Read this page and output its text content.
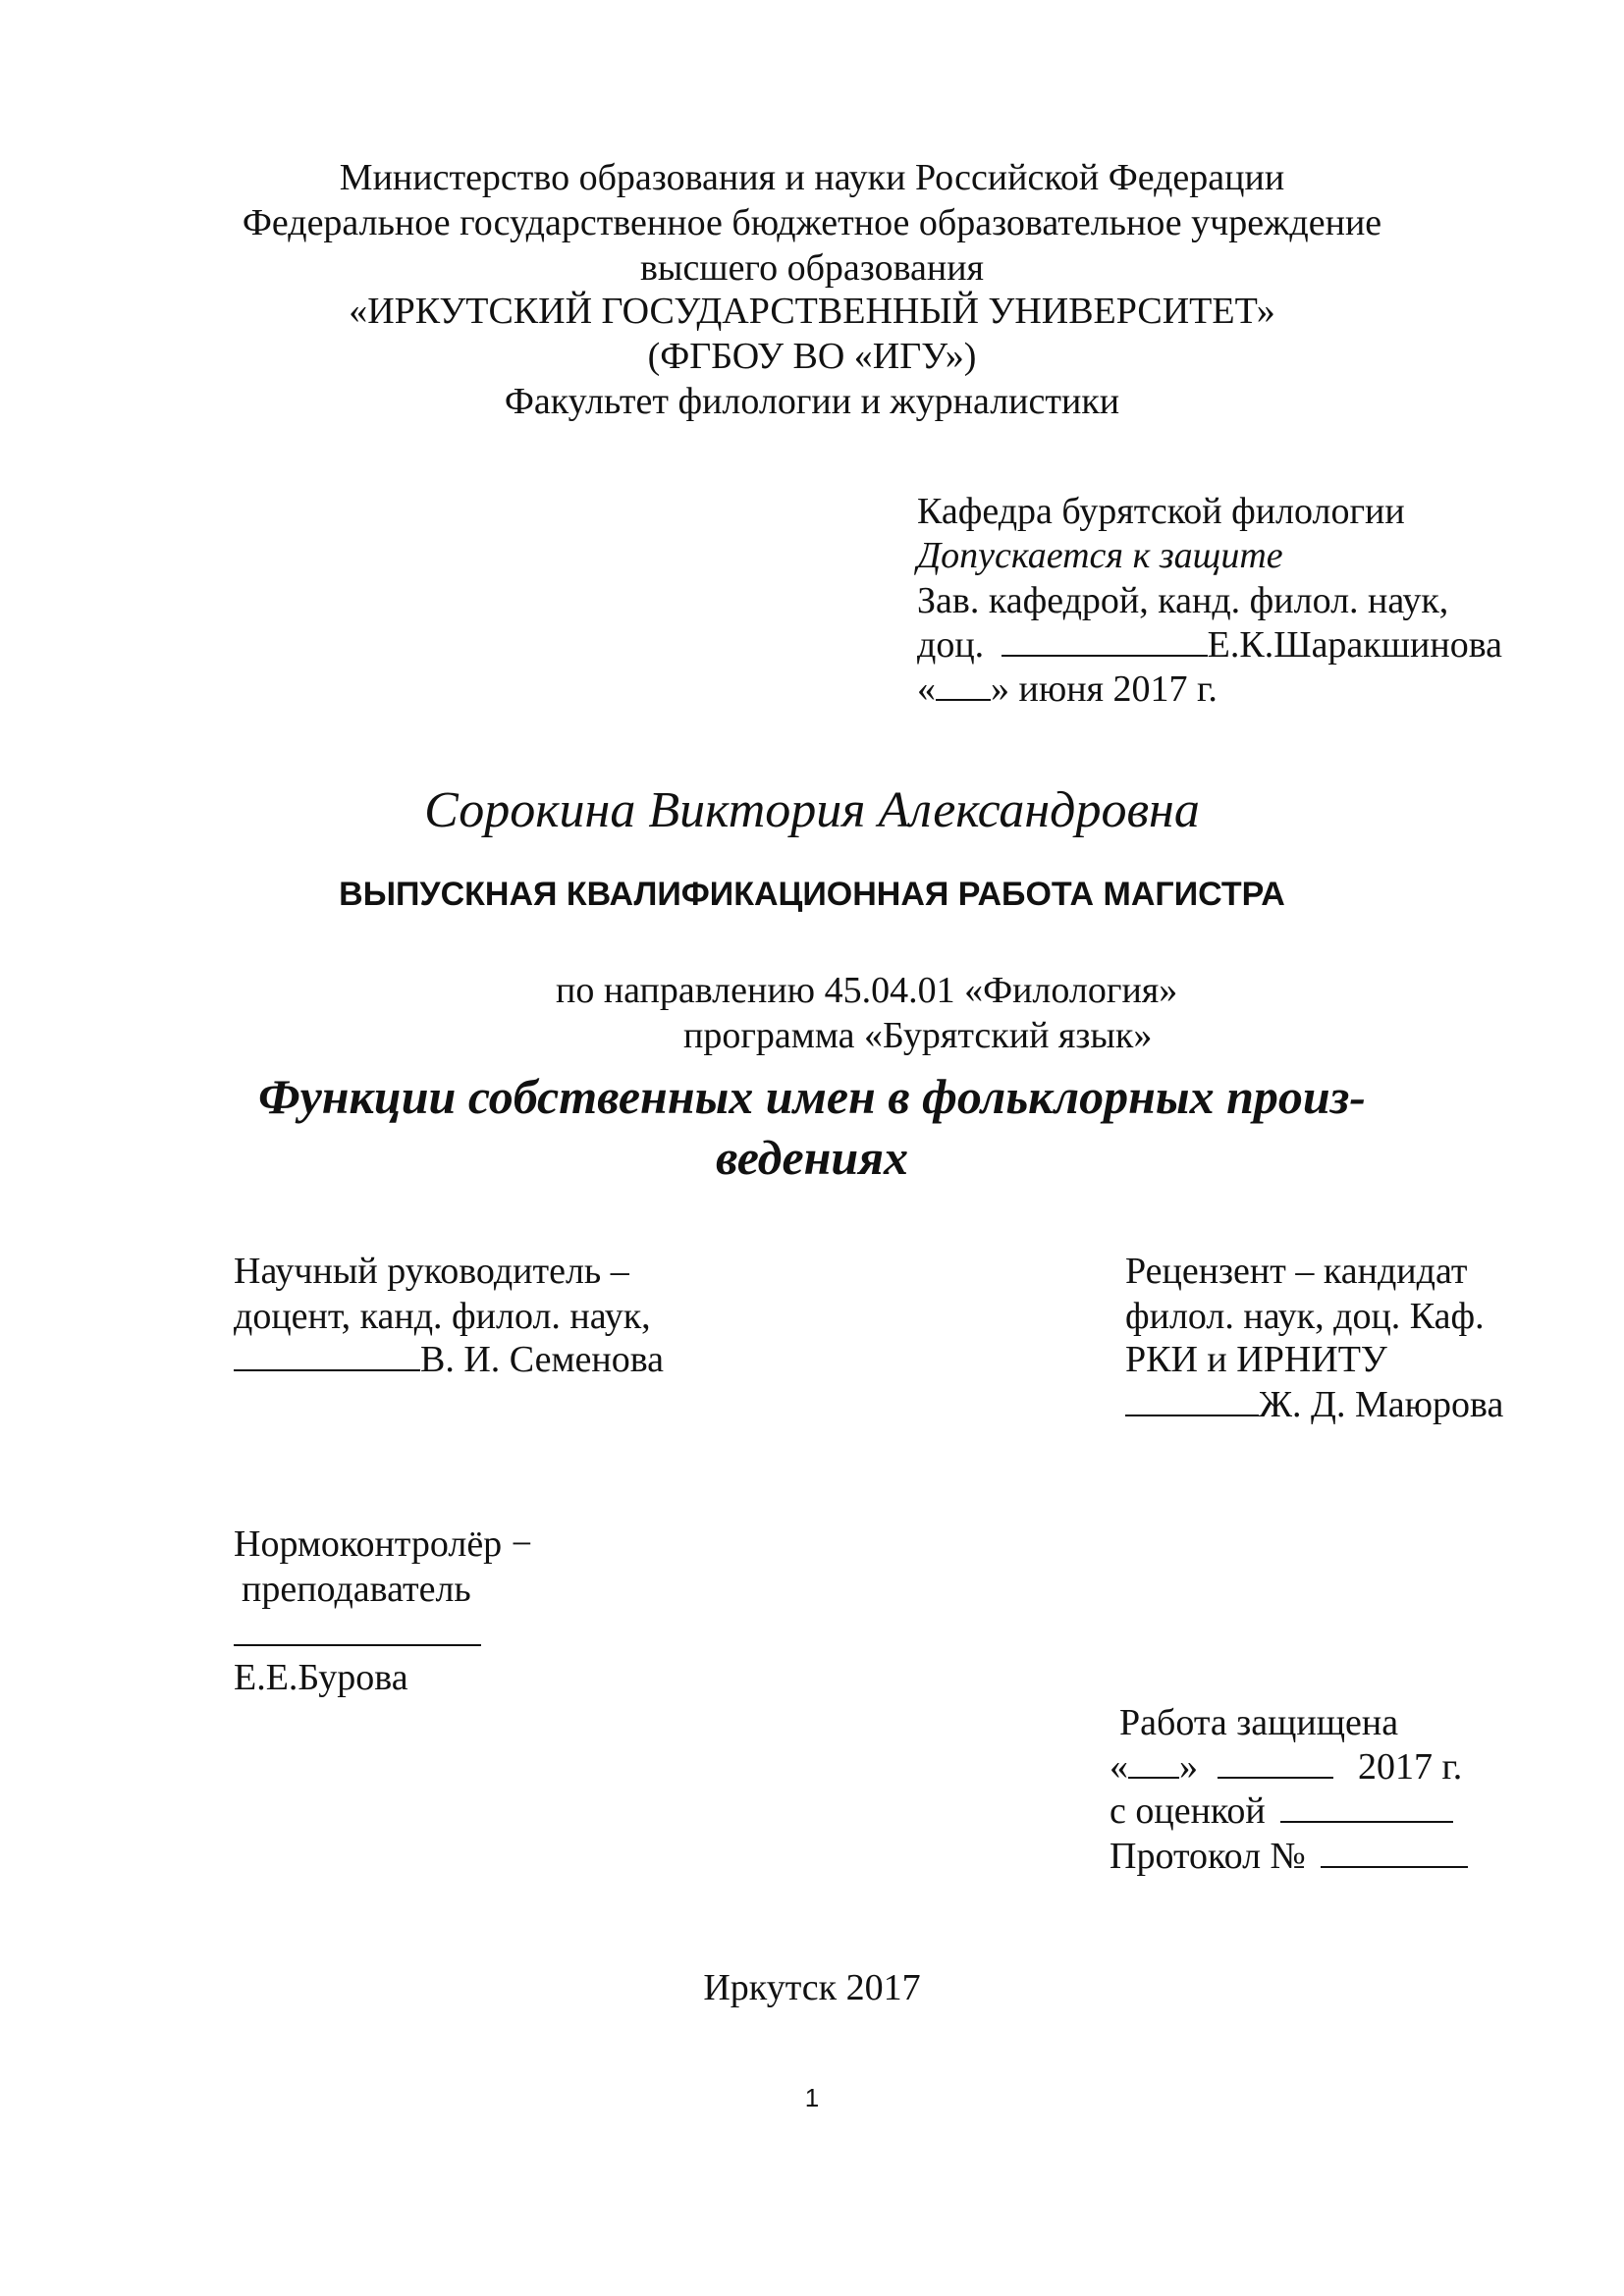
Министерство образования и науки Российской Федерации
Федеральное государственное бюджетное образовательное учреждение
высшего образования
«ИРКУТСКИЙ ГОСУДАРСТВЕННЫЙ УНИВЕРСИТЕТ»
(ФГБОУ ВО «ИГУ»)
Факультет филологии и журналистики
Кафедра бурятской филологии
Допускается к защите
Зав. кафедрой, канд. филол. наук,
доц.	Е.К.Шаракшинова
« » июня 2017 г.
Сорокина Виктория Александровна
ВЫПУСКНАЯ КВАЛИФИКАЦИОННАЯ РАБОТА МАГИСТРА
по направлению 45.04.01 «Филология»
программа «Бурятский язык»
Функции собственных имен в фольклорных произ-
ведениях
Научный руководитель –
доцент, канд. филол. наук,
В. И. Семенова
Рецензент – кандидат
филол. наук, доц. Каф.
РКИ и ИРНИТУ
Ж. Д. Маюрова
Нормоконтролёр −
преподаватель
Е.Е.Бурова
Работа защищена
« »	2017 г.
с оценкой
Протокол №
Иркутск 2017
1
